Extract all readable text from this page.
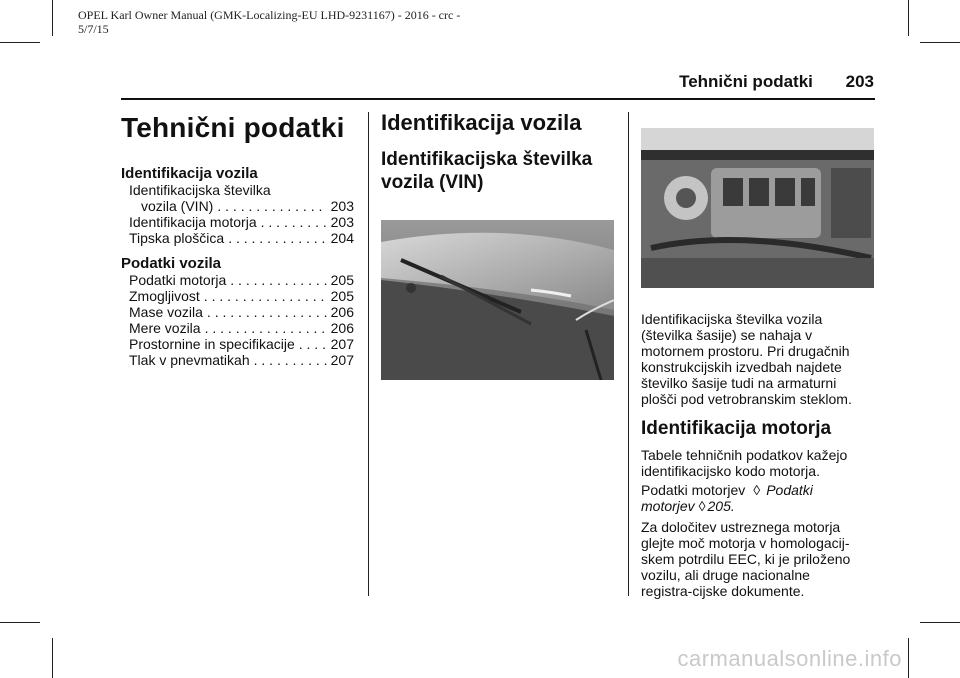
OPEL Karl Owner Manual (GMK-Localizing-EU LHD-9231167) - 2016 - crc -
5/7/15
Tehnični podatki 203
Tehnični podatki
Identifikacija vozila
Identifikacijska številka
vozila (VIN) . . .	203
Identifikacija motorja . . .	203
Tipska ploščica . . .	204
Podatki vozila
Podatki motorja . . .	205
Zmogljivost . . .	205
Mase vozila . . .	206
Mere vozila . . .	206
Prostornine in specifikacije . . .	207
Tlak v pnevmatikah . . .	207
Identifikacija vozila
Identifikacijska številka vozila (VIN)
Identifikacijska številka vozila (številka šasije) se nahaja v motornem prostoru. Pri drugačnih konstrukcijskih izvedbah najdete številko šasije tudi na armaturni plošči pod vetrobranskim steklom.
Identifikacija motorja
Tabele tehničnih podatkov kažejo identifikacijsko kodo motorja.
Podatki motorjev ◊ Podatki motorjev ◊ 205.
Za določitev ustreznega motorja glejte moč motorja v homologacij-skem potrdilu EEC, ki je priloženo vozilu, ali druge nacionalne registra-cijske dokumente.
carmanualsonline.info
